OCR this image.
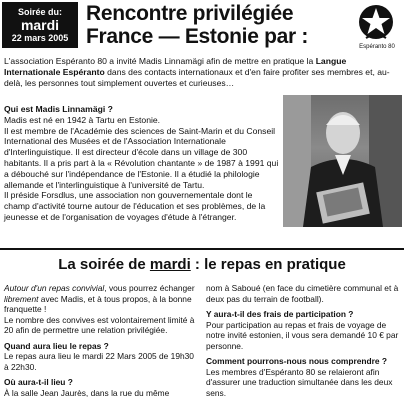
Soirée du:
mardi
22 mars 2005
Rencontre privilégiée
France — Estonie par :	Espéranto 80
L'association Espéranto 80 a invité Madis Linnamägi afin de mettre en pratique la Langue Internationale Espéranto dans des contacts internationaux et d'en faire profiter ses membres et, au-delà, les personnes tout simplement ouvertes et curieuses…

Qui est Madis Linnamägi ?

Madis est né en 1942 à Tartu en Estonie.

Il est membre de l'Académie des sciences de Saint-Marin et du Conseil International des Musées et de l'Association Internationale d'Interlinguistique. Il est directeur d'école dans un village de 300 habitants. Il a pris part à la « Révolution chantante » de 1987 à 1991 qui a débouché sur l'indépendance de l'Estonie. Il a étudié la philologie allemande et l'interlinguistique à l'université de Tartu.

Il préside Forsdlus, une association non gouvernementale dont le champ d'activité tourne autour de l'éducation et ses problèmes, de la jeunesse et de l'organisation de voyages d'étude à l'étranger.

La soirée de mardi : le repas en pratique

Autour d'un repas convivial, vous pourrez échanger librement avec Madis, et à tous propos, à la bonne franquette !

Le nombre des convives est volontairement limité à 20 afin de permettre une relation privilégiée.

Quand aura lieu le repas ?

Le repas aura lieu le mardi 22 Mars 2005 de 19h30 à 22h30.

Où aura-t-il lieu ?

À la salle Jean Jaurès, dans la rue du même

nom à Saboué (en face du cimetière communal et à deux pas du terrain de football).

Y aura-t-il des frais de participation ?

Pour participation au repas et frais de voyage de notre invité estonien, il vous sera demandé 10 € par personne.

Comment pourrons-nous nous comprendre ?

Les membres d'Espéranto 80 se relaieront afin d'assurer une traduction simultanée dans les deux sens.
